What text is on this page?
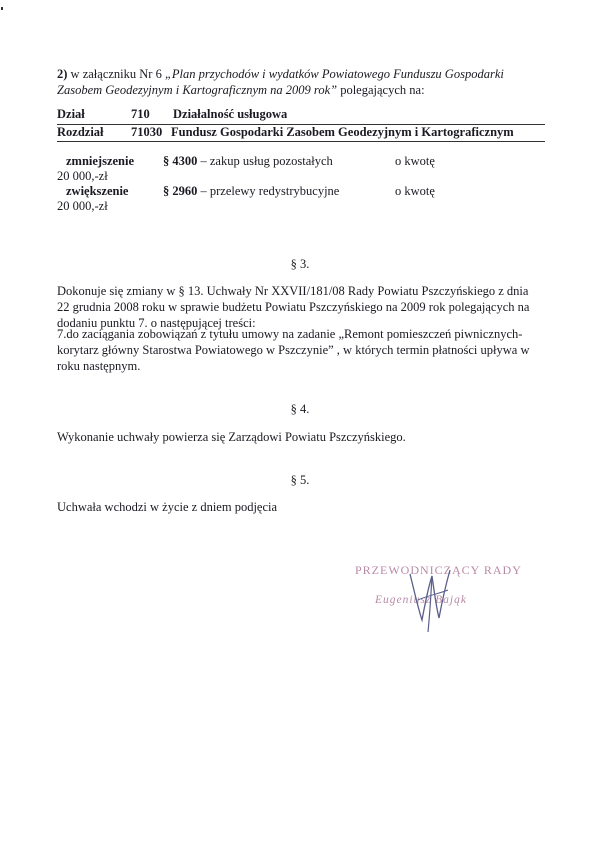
2) w załączniku Nr 6 „Plan przychodów i wydatków Powiatowego Funduszu Gospodarki
Zasobem Geodezyjnym i Kartograficznym na 2009 rok” polegających na:
Dział	710 Działalność usługowa
Rozdział 71030 Fundusz Gospodarki Zasobem Geodezyjnym i Kartograficznym
zmniejszenie § 4300 – zakup usług pozostałych	o kwotę
20 000,-zł
zwiększenie	§ 2960 – przelewy redystrybucyjne	o kwotę
20 000,-zł
§ 3.
Dokonuje się zmiany w § 13. Uchwały Nr XXVII/181/08 Rady Powiatu Pszczyńskiego z dnia
22 grudnia 2008 roku w sprawie budżetu Powiatu Pszczyńskiego na 2009 rok polegających na
dodaniu punktu 7. o następującej treści:
7.do zaciągania zobowiązań z tytułu umowy na zadanie „Remont pomieszczeń piwnicznych-
korytarz główny Starostwa Powiatowego w Pszczynie” , w których termin płatności upływa w
roku następnym.
§ 4.
Wykonanie uchwały powierza się Zarządowi Powiatu Pszczyńskiego.
§ 5.
Uchwała wchodzi w życie z dniem podjęcia
PRZEWODNICZĄCY RADY
Eugeniusz Bająk
